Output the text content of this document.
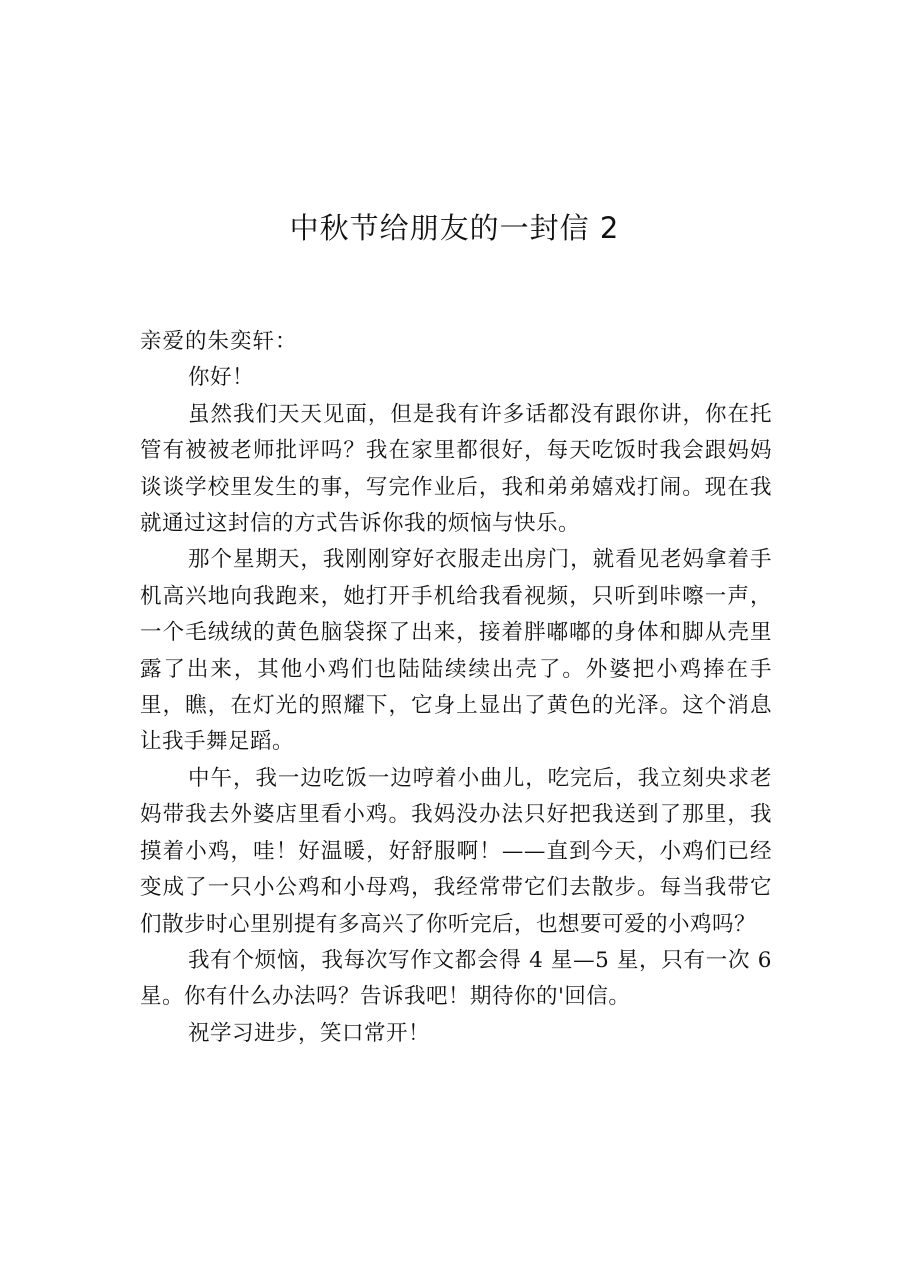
中秋节给朋友的一封信 2

亲爱的朱奕轩：

你好！

虽然我们天天见面，但是我有许多话都没有跟你讲，你在托管有被被老师批评吗？我在家里都很好，每天吃饭时我会跟妈妈谈谈学校里发生的事，写完作业后，我和弟弟嬉戏打闹。现在我就通过这封信的方式告诉你我的烦恼与快乐。

那个星期天，我刚刚穿好衣服走出房门，就看见老妈拿着手机高兴地向我跑来，她打开手机给我看视频，只听到咔嚓一声，一个毛绒绒的黄色脑袋探了出来，接着胖嘟嘟的身体和脚从壳里露了出来，其他小鸡们也陆陆续续出壳了。外婆把小鸡捧在手里，瞧，在灯光的照耀下，它身上显出了黄色的光泽。这个消息让我手舞足蹈。

中午，我一边吃饭一边哼着小曲儿，吃完后，我立刻央求老妈带我去外婆店里看小鸡。我妈没办法只好把我送到了那里，我摸着小鸡，哇！好温暖，好舒服啊！——直到今天，小鸡们已经变成了一只小公鸡和小母鸡，我经常带它们去散步。每当我带它们散步时心里别提有多高兴了你听完后，也想要可爱的小鸡吗？

我有个烦恼，我每次写作文都会得 4 星—5 星，只有一次 6 星。你有什么办法吗？告诉我吧！期待你的'回信。

祝学习进步，笑口常开！
